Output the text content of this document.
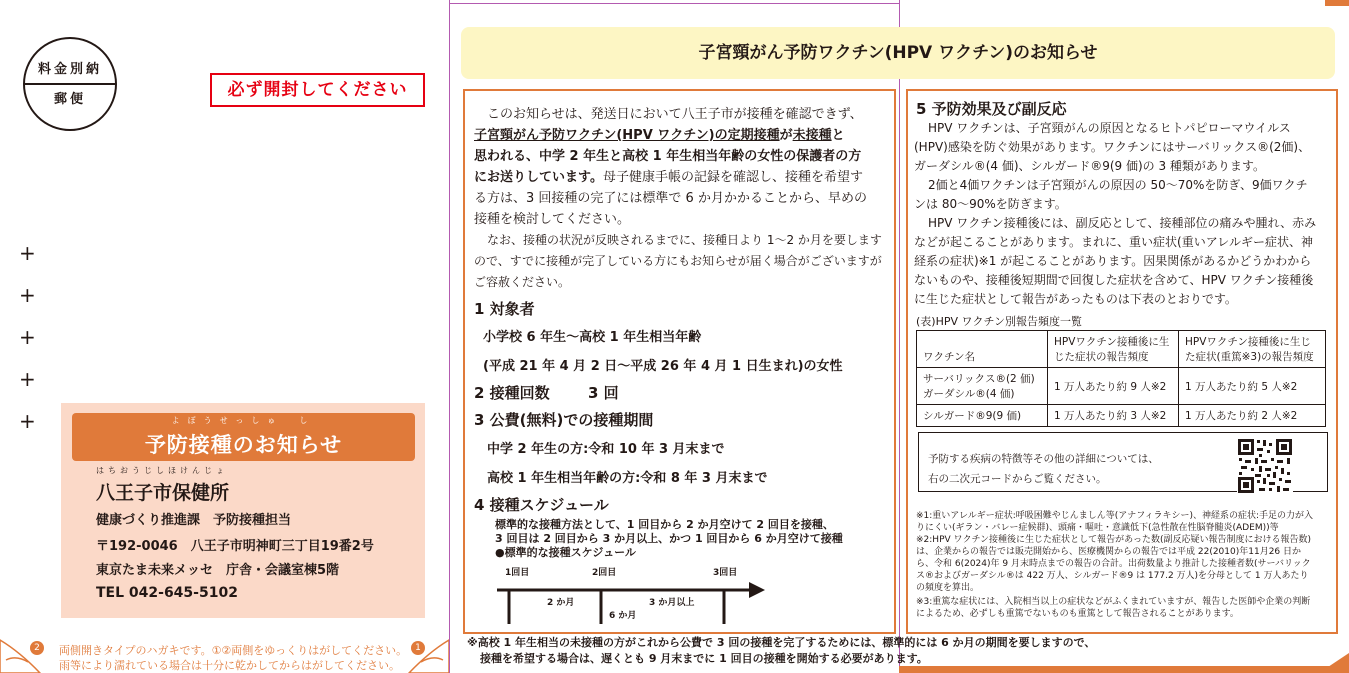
料金別納
郵便	必ず開封してください
+
+
+
+
+	よぼうせっしゅ　し
予防接種のお知らせ
はちおうじしほけんじょ
八王子市保健所
健康づくり推進課　予防接種担当
〒192-0046　八王子市明神町三丁目19番2号
東京たま未来メッセ　庁舎・会議室棟5階
TEL 042-645-5102
2	両側開きタイプのハガキです。①②両側をゆっくりはがしてください。
雨等により濡れている場合は十分に乾かしてからはがしてください。
1
子宮頸がん予防ワクチン(HPV ワクチン)のお知らせ
このお知らせは、発送日において八王子市が接種を確認できず、
子宮頸がん予防ワクチン(HPV ワクチン)の定期接種が未接種と
思われる、中学 2 年生と高校 1 年生相当年齢の女性の保護者の方
にお送りしています。母子健康手帳の記録を確認し、接種を希望す
る方は、3 回接種の完了には標準で 6 か月かかることから、早めの
接種を検討してください。
なお、接種の状況が反映されるまでに、接種日より 1～2 か月を要します
ので、すでに接種が完了している方にもお知らせが届く場合がございますが
ご容赦ください。
1 対象者
小学校 6 年生～高校 1 年生相当年齢
(平成 21 年 4 月 2 日～平成 26 年 4 月 1 日生まれ)の女性
2 接種回数	3 回
3 公費(無料)での接種期間
中学 2 年生の方:令和 10 年 3 月末まで
高校 1 年生相当年齢の方:令和 8 年 3 月末まで
4 接種スケジュール
標準的な接種方法として、1 回目から 2 か月空けて 2 回目を接種、
3 回目は 2 回目から 3 か月以上、かつ 1 回目から 6 か月空けて接種
●標準的な接種スケジュール
1回目	2回目	3回目
2 か月	3 か月以上
6 か月
※高校 1 年生相当の未接種の方がこれから公費で 3 回の接種を完了するためには、標準的には 6 か月の期間を要しますので、
接種を希望する場合は、遅くとも 9 月末までに 1 回目の接種を開始する必要があります。
5 予防効果及び副反応
HPV ワクチンは、子宮頸がんの原因となるヒトパピローマウイルス(HPV)感染を防ぐ効果があります。ワクチンにはサーバリックス®(2価)、ガーダシル®(4 価)、シルガード®9(9 価)の 3 種類があります。
2価と4価ワクチンは子宮頸がんの原因の 50～70%を防ぎ、9価ワクチンは 80～90%を防ぎます。
HPV ワクチン接種後には、副反応として、接種部位の痛みや腫れ、赤みなどが起こることがあります。まれに、重い症状(重いアレルギー症状、神経系の症状)※1 が起こることがあります。因果関係があるかどうかわからないものや、接種後短期間で回復した症状を含めて、HPV ワクチン接種後に生じた症状として報告があったものは下表のとおりです。
(表)HPV ワクチン別報告頻度一覧
ワクチン名	HPVワクチン接種後に生じた症状の報告頻度	HPVワクチン接種後に生じた症状(重篤※3)の報告頻度
サーバリックス®(2 価)ガーダシル®(4 価)	1 万人あたり約 9 人※2	1 万人あたり約 5 人※2
シルガード®9(9 価)	1 万人あたり約 3 人※2	1 万人あたり約 2 人※2
予防する疾病の特徴等その他の詳細については、
右の二次元コードからご覧ください。
※1:重いアレルギー症状:呼吸困難やじんましん等(アナフィラキシー)、神経系の症状:手足の力が入りにくい(ギラン・バレー症候群)、頭痛・嘔吐・意識低下(急性散在性脳脊髄炎(ADEM))等
※2:HPV ワクチン接種後に生じた症状として報告があった数(副反応疑い報告制度における報告数)は、企業からの報告では販売開始から、医療機関からの報告では平成 22(2010)年11月26 日から、令和 6(2024)年 9 月末時点までの報告の合計。出荷数量より推計した接種者数(サーバリックス®およびガーダシル®は 422 万人、シルガード®9 は 177.2 万人)を分母として 1 万人あたりの頻度を算出。
※3:重篤な症状には、入院相当以上の症状などがふくまれていますが、報告した医師や企業の判断によるため、必ずしも重篤でないものも重篤として報告されることがあります。
